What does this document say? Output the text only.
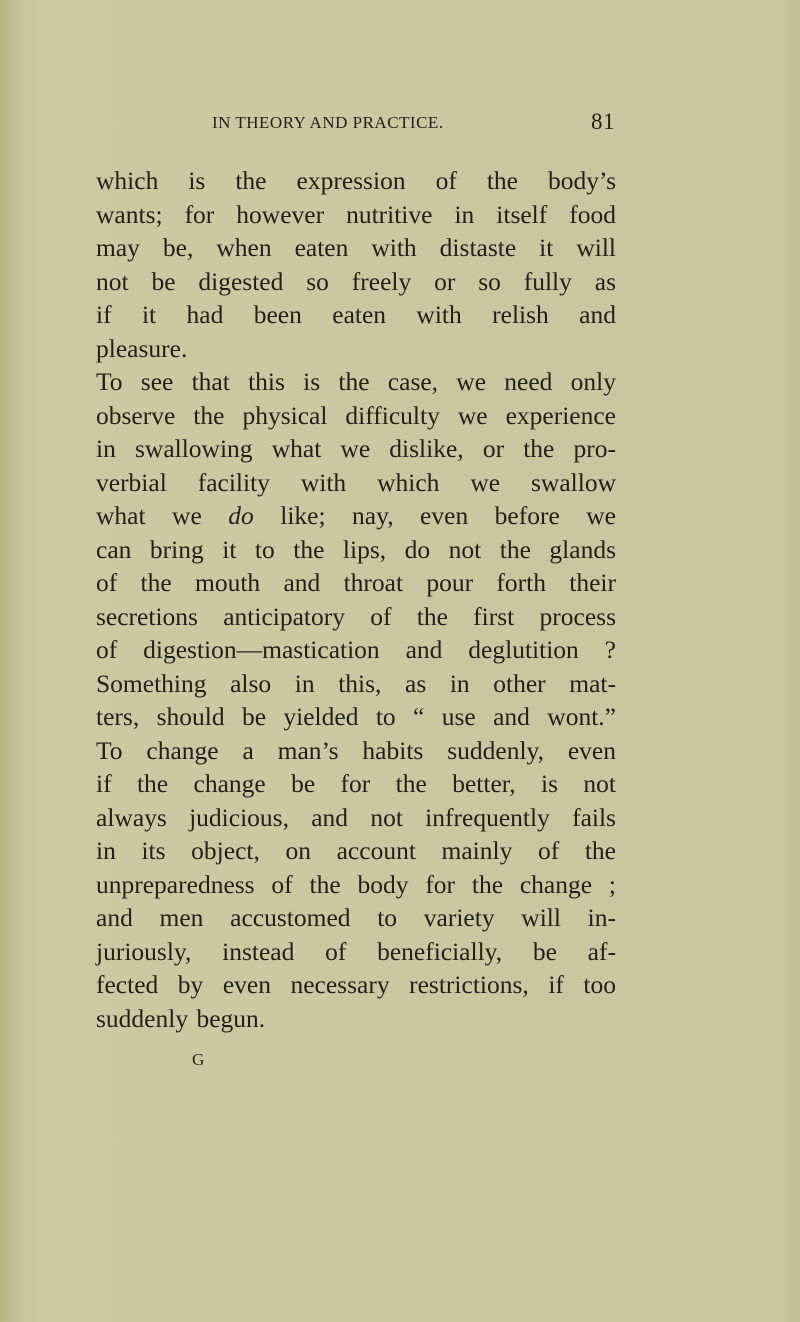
IN THEORY AND PRACTICE.	81
which is the expression of the body’s
wants; for however nutritive in itself food
may be, when eaten with distaste it will
not be digested so freely or so fully as
if it had been eaten with relish and
pleasure.
To see that this is the case, we need only
observe the physical difficulty we experience
in swallowing what we dislike, or the pro-
verbial facility with which we swallow
what we do like; nay, even before we
can bring it to the lips, do not the glands
of the mouth and throat pour forth their
secretions anticipatory of the first process
of digestion—mastication and deglutition ?
Something also in this, as in other mat-
ters, should be yielded to “ use and wont.”
To change a man’s habits suddenly, even
if the change be for the better, is not
always judicious, and not infrequently fails
in its object, on account mainly of the
unpreparedness of the body for the change ;
and men accustomed to variety will in-
juriously, instead of beneficially, be af-
fected by even necessary restrictions, if too
suddenly begun.
G
